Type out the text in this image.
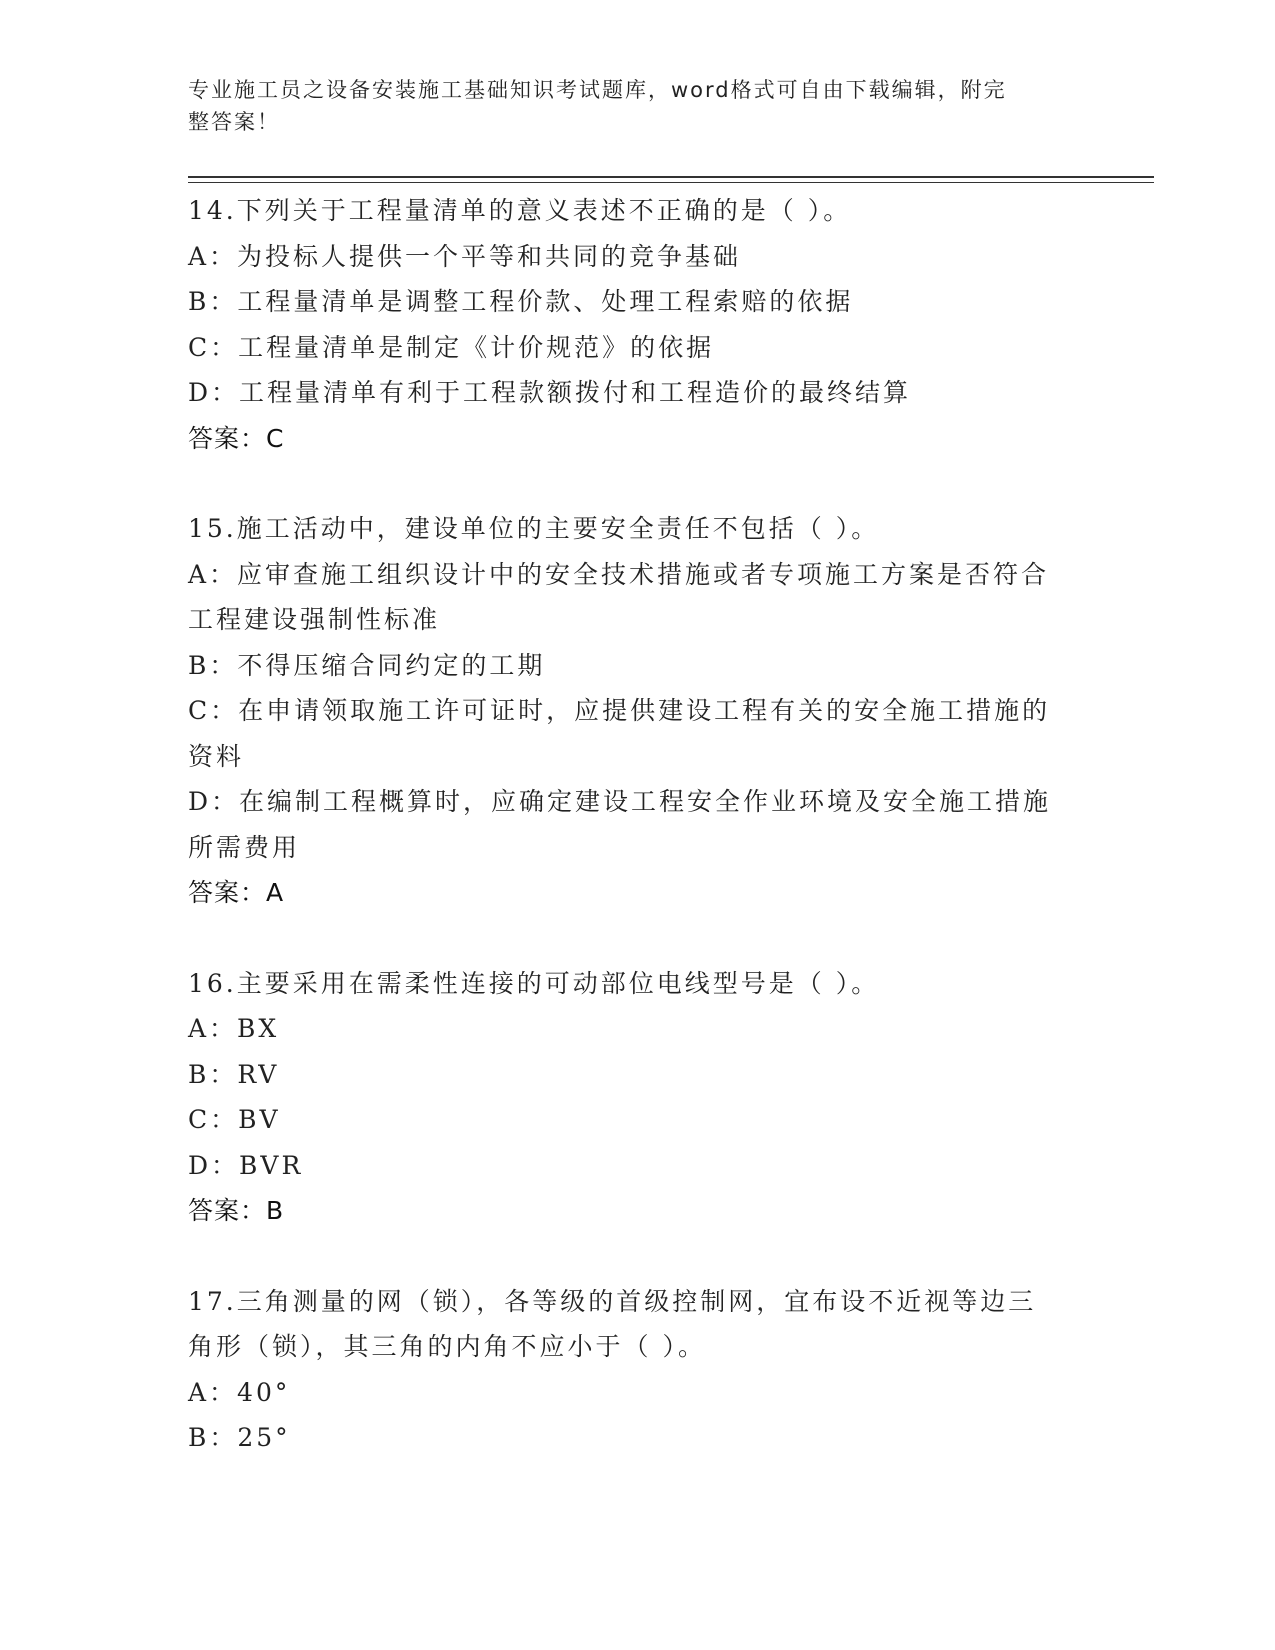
专业施工员之设备安装施工基础知识考试题库，word格式可自由下载编辑，附完
整答案！
14.下列关于工程量清单的意义表述不正确的是（ ）。
A：为投标人提供一个平等和共同的竞争基础
B：工程量清单是调整工程价款、处理工程索赔的依据
C：工程量清单是制定《计价规范》的依据
D：工程量清单有利于工程款额拨付和工程造价的最终结算
答案：C
15.施工活动中，建设单位的主要安全责任不包括（ ）。
A：应审查施工组织设计中的安全技术措施或者专项施工方案是否符合
工程建设强制性标准
B：不得压缩合同约定的工期
C：在申请领取施工许可证时，应提供建设工程有关的安全施工措施的
资料
D：在编制工程概算时，应确定建设工程安全作业环境及安全施工措施
所需费用
答案：A
16.主要采用在需柔性连接的可动部位电线型号是（ ）。
A：BX
B：RV
C：BV
D：BVR
答案：B
17.三角测量的网（锁），各等级的首级控制网，宜布设不近视等边三
角形（锁），其三角的内角不应小于（ ）。
A：40°
B：25°
